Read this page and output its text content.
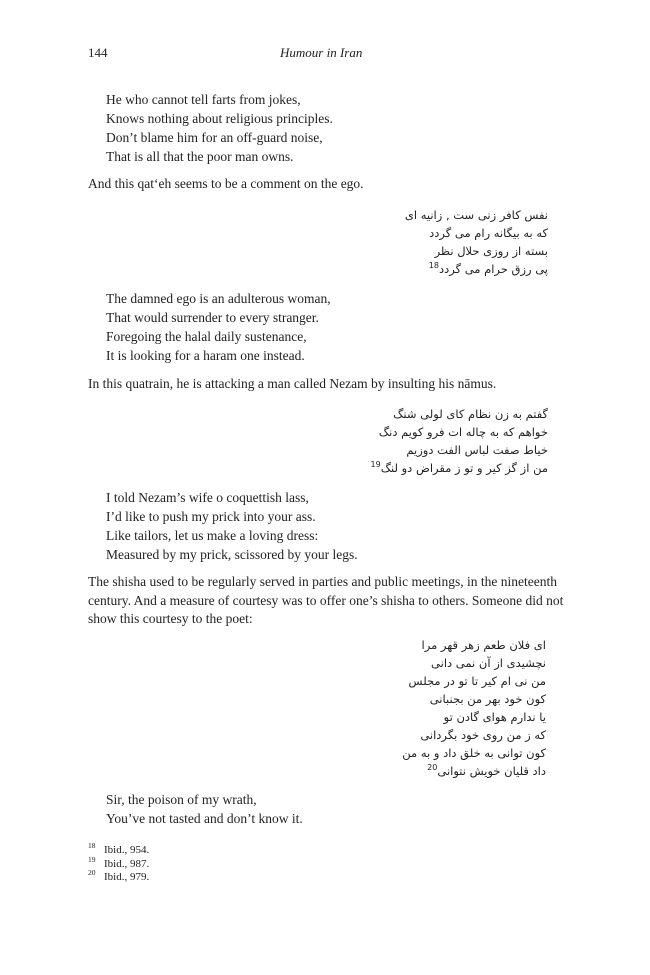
144	Humour in Iran
He who cannot tell farts from jokes,
Knows nothing about religious principles.
Don’t blame him for an off-guard noise,
That is all that the poor man owns.
And this qat‘eh seems to be a comment on the ego.
نفس کافر زنی ست , زانیه ای
که به بیگانه رام می گردد
بسته از روزی حلال نظر
پی رزق حرام می گردد$^{18}$
The damned ego is an adulterous woman,
That would surrender to every stranger.
Foregoing the halal daily sustenance,
It is looking for a haram one instead.
In this quatrain, he is attacking a man called Nezam by insulting his nāmus.
گفتم به زن نظام کای لولی شنگ
خواهم که به چاله ات فرو کویم دنگ
خیاط صفت لباس الفت دوزیم
من از گز کیر و تو ز مقراض دو لنگ$^{19}$
I told Nezam’s wife o coquettish lass,
I’d like to push my prick into your ass.
Like tailors, let us make a loving dress:
Measured by my prick, scissored by your legs.
The shisha used to be regularly served in parties and public meetings, in the nineteenth
century. And a measure of courtesy was to offer one’s shisha to others. Someone did not
show this courtesy to the poet:
ای فلان طعم زهر قهر مرا
نچشیدی از آن نمی دانی
من نی ام کیر تا تو در مجلس
کون خود بهر من بجنبانی
یا ندارم هوای گادن تو
که ز من روی خود بگردانی
کون توانی به خلق داد و به من
داد قلیان خویش نتوانی$^{20}$
Sir, the poison of my wrath,
You’ve not tasted and don’t know it.
18 Ibid., 954.
19 Ibid., 987.
20 Ibid., 979.
